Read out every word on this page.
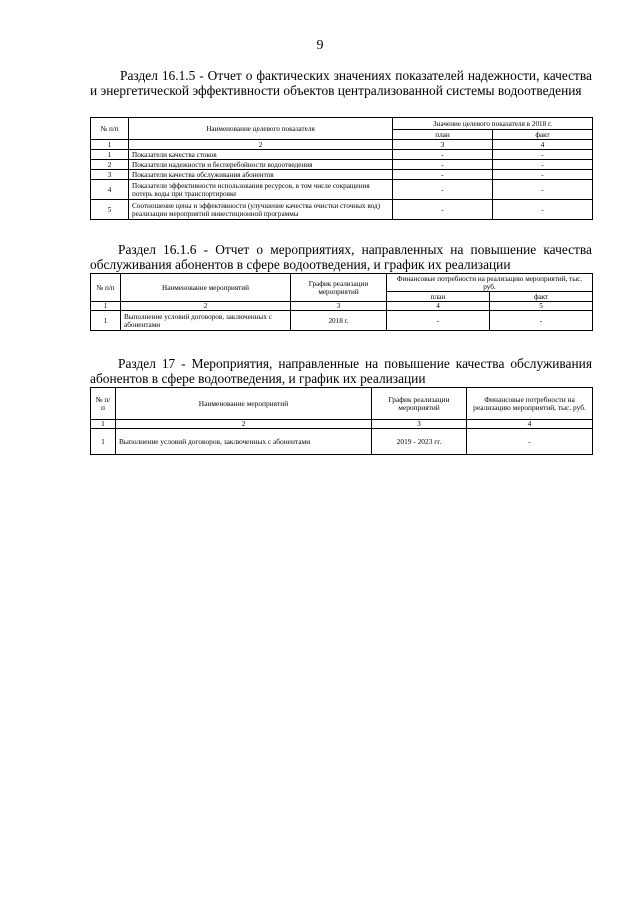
9
Раздел 16.1.5 - Отчет о фактических значениях показателей надежности, качества и энергетической эффективности объектов централизованной системы водоотведения
№ п/п	Наименование целевого показателя	Значение целевого показателя в 2018 г.	
		план	факт
1	2	3	4
1	Показатели качества стоков	-	-
2	Показатели надежности и бесперебойности водоотведения	-	-
3	Показатели качества обслуживания абонентов	-	-
4	Показатели эффективности использования ресурсов, в том числе сокращения потерь воды при транспортировке	-	-
5	Соотношение цены и эффективности (улучшение качества очистки сточных вод) реализации мероприятий инвестиционной программы	-	-
Раздел 16.1.6 - Отчет о мероприятиях, направленных на повышение качества обслуживания абонентов в сфере водоотведения, и график их реализации
№ п/п	Наименование мероприятий	График реализации мероприятий	Финансовые потребности на реализацию мероприятий, тыс. руб.	
			план	факт
1	2	3	4	5
1	Выполнение условий договоров, заключенных с абонентами	2018 г.	-	-
Раздел 17 - Мероприятия, направленные на повышение качества обслуживания абонентов в сфере водоотведения, и график их реализации
№ п/п	Наименование мероприятий	График реализации мероприятий	Финансовые потребности на реализацию мероприятий, тыс. руб.
1	2	3	4
1	Выполнение условий договоров, заключенных с абонентами	2019 - 2023 гг.	-
